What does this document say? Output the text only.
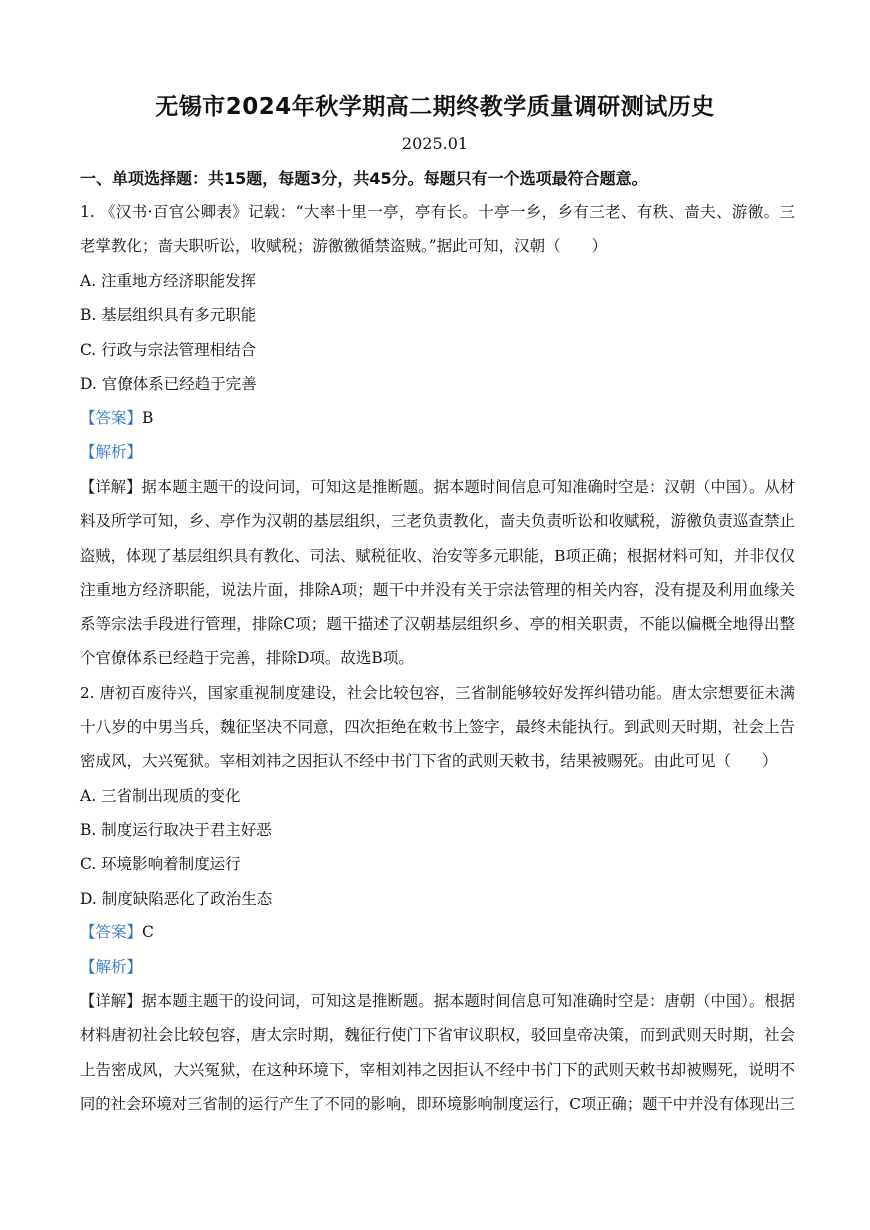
无锡市2024年秋学期高二期终教学质量调研测试历史
2025.01
一、单项选择题：共15题，每题3分，共45分。每题只有一个选项最符合题意。
1. 《汉书·百官公卿表》记载：“大率十里一亭，亭有长。十亭一乡，乡有三老、有秩、啬夫、游徼。三
老掌教化；啬夫职听讼，收赋税；游徼徼循禁盗贼。”据此可知，汉朝（　　）
A. 注重地方经济职能发挥
B. 基层组织具有多元职能
C. 行政与宗法管理相结合
D. 官僚体系已经趋于完善
【答案】B
【解析】
【详解】据本题主题干的设问词，可知这是推断题。据本题时间信息可知准确时空是：汉朝（中国）。从材
料及所学可知，乡、亭作为汉朝的基层组织，三老负责教化，啬夫负责听讼和收赋税，游徼负责巡查禁止
盗贼，体现了基层组织具有教化、司法、赋税征收、治安等多元职能，B项正确；根据材料可知，并非仅仅
注重地方经济职能，说法片面，排除A项；题干中并没有关于宗法管理的相关内容，没有提及利用血缘关
系等宗法手段进行管理，排除C项；题干描述了汉朝基层组织乡、亭的相关职责，不能以偏概全地得出整
个官僚体系已经趋于完善，排除D项。故选B项。
2. 唐初百废待兴，国家重视制度建设，社会比较包容，三省制能够较好发挥纠错功能。唐太宗想要征未满
十八岁的中男当兵，魏征坚决不同意，四次拒绝在敕书上签字，最终未能执行。到武则天时期，社会上告
密成风，大兴冤狱。宰相刘祎之因拒认不经中书门下省的武则天敕书，结果被赐死。由此可见（　　）
A. 三省制出现质的变化
B. 制度运行取决于君主好恶
C. 环境影响着制度运行
D. 制度缺陷恶化了政治生态
【答案】C
【解析】
【详解】据本题主题干的设问词，可知这是推断题。据本题时间信息可知准确时空是：唐朝（中国）。根据
材料唐初社会比较包容，唐太宗时期，魏征行使门下省审议职权，驳回皇帝决策，而到武则天时期，社会
上告密成风，大兴冤狱，在这种环境下，宰相刘祎之因拒认不经中书门下的武则天敕书却被赐死，说明不
同的社会环境对三省制的运行产生了不同的影响，即环境影响制度运行，C项正确；题干中并没有体现出三
